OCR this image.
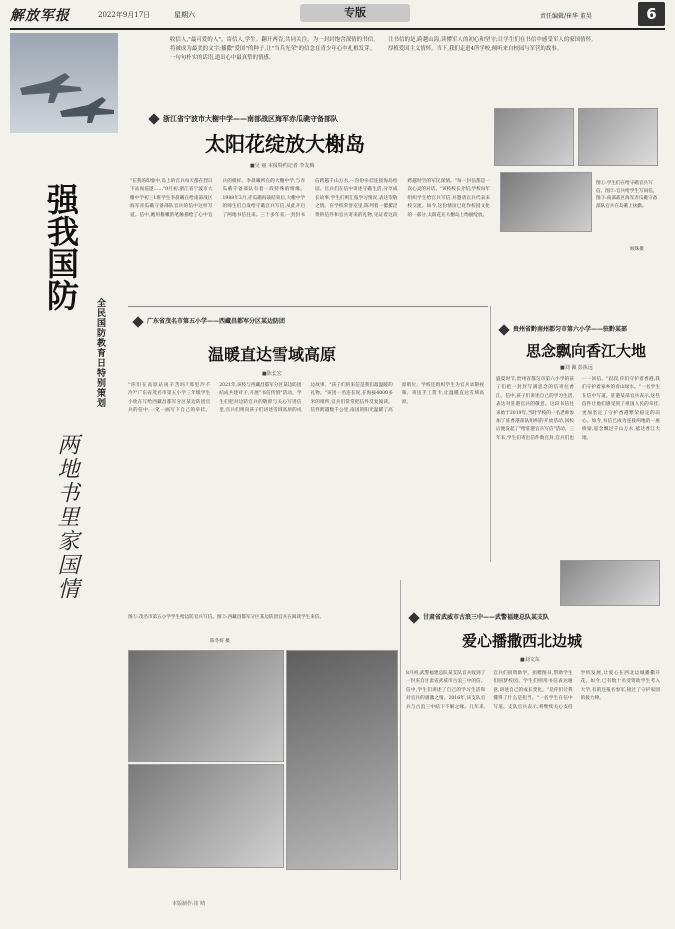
解放军报	2022年9月17日	星期六	专版	责任编辑/崔华 董昊	6
强我国防
全民国防教育日特别策划
两地书里家国情
收信人,"最可爱的人"。寄信人,学生。翻开两沓,共同关注。为一封封饱含深情的书信,将被成为最美的文字;播撒"爱国"的种子,让"当兵光荣"的信念在青少年心中扎根发芽。一句句朴实的话语,道出心中最真挚的情感。
让书信的是,跨越山海,读懂军人的初心和坚守;让学生们在书信中感受军人的家国情怀,厚植爱国主义情怀。当下,我们走进4所学校,倾听来自校园与军营的故事。
浙江省宁波市大榭中学——南部战区海军赤瓜礁守备部队
太阳花绽放大榭岛
■吴 丽 本报特约记者 李友梅
"在我的印象中,岛上的官兵每天都在烈日下站岗巡逻……"9月初,浙江省宁波市大榭中学初三1班学生李晨曦在给南部战区海军赤瓜礁守备部队官兵的信中这样写道。信中,她用稚嫩的笔触描绘了心中官兵的模样。李晨曦所在的大榭中学,与赤瓜礁守备部队有着一段特殊的情缘。1988年3月,赤瓜礁海战结束后,大榭中学的师生们自发给守礁官兵写信,从此开启了两地书信往来。三十多年来,一封封书信跨越千山万水,一份份牵挂连接海岛校园。官兵们在信中讲述守礁生活,分享成长故事,学生们则汇报学习情况,表达崇敬之情。在学校荣誉室里,陈列着一摞摞泛黄的信件和官兵寄来的礼物,见证着这段跨越时空的军民深情。"每一封信都是一次心灵的对话。"该校校长介绍,学校每年组织学生给官兵写信,并邀请官兵代表来校交流。如今,这份情谊已化作校园文化的一部分,太阳花在大榭岛上绚丽绽放。
图①:学生们在给守礁官兵写信。图②:官兵给学生写回信。图③:南部战区海军赤瓜礁守备部队官兵在岛礁上执勤。
顾珠摄
贵州省黔南州都匀市第六小学——驻黔某部
思念飘向香江大地
■刘 佩 彭执远
盛夏时节,贵州省都匀市第六小学的孩子们把一封封写满思念的信寄往香江。信中,孩子们讲述自己的学习生活,表达对驻港官兵的敬意。这段书信往来始于2019年,当时学校的一名老师参加了驻香港部队组织的开放活动,回校后便发起了"给驻港官兵写信"活动。三年来,学生们寄出信件数百封,官兵们也一一回信。"叔叔,你们守护着香港,我们守护着家乡的青山绿水。"一名学生在信中写道。驻港某部官兵表示,这些信件让他们感受到了祖国人民的牵挂,更加坚定了守护香港繁荣稳定的决心。如今,书信已成为连接两地的一座桥梁,思念飘过千山万水,抵达香江大地。
广东省茂名市第五小学——西藏昌都军分区某边防团
温暖直达雪域高原
■陈长宏
"你们在高原站岗辛苦吗?那里冷不冷?"广东省茂名市第五小学三年级学生小欣在写给西藏昌都军分区某边防团官兵的信中,一笔一画写下自己的牵挂。2021年,该校与西藏昌都军分区某边防团结成共建对子,开展"书信传情"活动。学生们把对边防官兵的敬仰与关心写进信里,官兵们则向孩子们讲述雪域高原的戍边故事。"孩子们的来信是我们最温暖的礼物。"该团一名连长说,在海拔4000多米的哨所,官兵们常常把信件反复阅读。信件跨越数千公里,南国的阳光温暖了高原哨位。学校还组织学生为官兵录制视频、寄送手工贺卡,让温暖直达雪域高原。
图①:茂名市第五小学学生给边防官兵写信。图②:西藏昌都军分区某边防团官兵在阅读学生来信。
陈冬妍 摄
甘肃省武威市古浪三中——武警福建总队某支队
爱心播撒西北边城
■刘文东
8月初,武警福建总队某支队官兵收到了一封来自甘肃省武威市古浪三中的信。信中,学生们讲述了自己的学习生活和对官兵的感激之情。2016年,该支队官兵与古浪三中结下不解之缘。几年来,官兵们捐资助学、捐赠图书,帮助学生们圆梦校园。学生们则用书信表达谢意,讲述自己的成长变化。"是你们让我懂得了什么是担当。"一名学生在信中写道。支队官兵表示,将继续关心支持学校发展,让爱心在西北边城播撒开花。如今,已有数十名受资助学生考入大学,有的还报名参军,接过了守护家园的接力棒。
本版制作:崔 晴
